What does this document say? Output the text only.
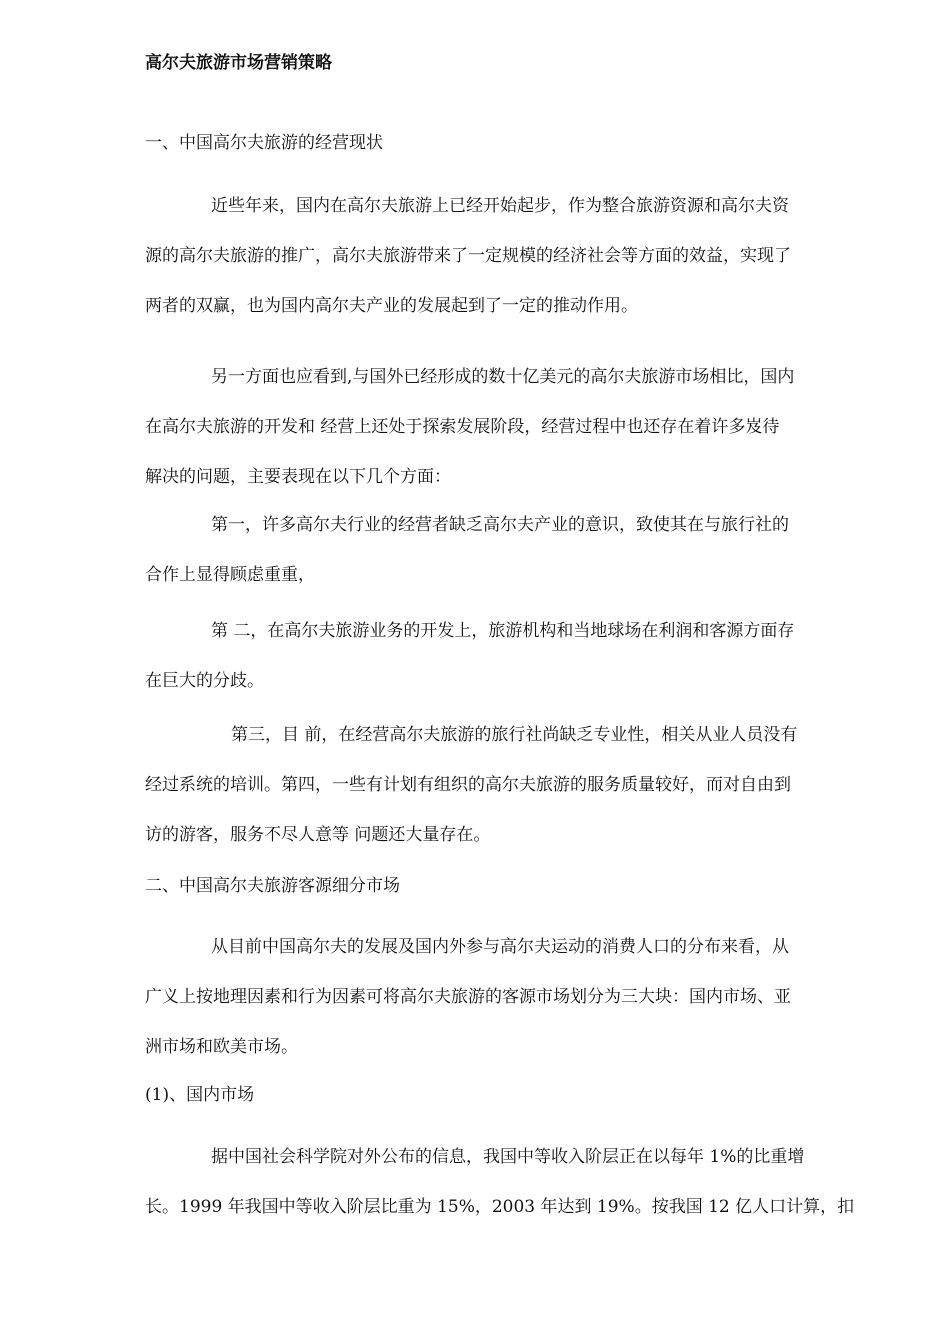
高尔夫旅游市场营销策略
一、中国高尔夫旅游的经营现状
近些年来，国内在高尔夫旅游上已经开始起步，作为整合旅游资源和高尔夫资
源的高尔夫旅游的推广，高尔夫旅游带来了一定规模的经济社会等方面的效益，实现了
两者的双赢，也为国内高尔夫产业的发展起到了一定的推动作用。
另一方面也应看到,与国外已经形成的数十亿美元的高尔夫旅游市场相比，国内
在高尔夫旅游的开发和 经营上还处于探索发展阶段，经营过程中也还存在着许多岌待
解决的问题，主要表现在以下几个方面：
第一，许多高尔夫行业的经营者缺乏高尔夫产业的意识，致使其在与旅行社的
合作上显得顾虑重重，
第 二，在高尔夫旅游业务的开发上，旅游机构和当地球场在利润和客源方面存
在巨大的分歧。
第三，目 前，在经营高尔夫旅游的旅行社尚缺乏专业性，相关从业人员没有
经过系统的培训。第四，一些有计划有组织的高尔夫旅游的服务质量较好，而对自由到
访的游客，服务不尽人意等 问题还大量存在。
二、中国高尔夫旅游客源细分市场
从目前中国高尔夫的发展及国内外参与高尔夫运动的消费人口的分布来看，从
广义上按地理因素和行为因素可将高尔夫旅游的客源市场划分为三大块：国内市场、亚
洲市场和欧美市场。
(1)、国内市场
据中国社会科学院对外公布的信息，我国中等收入阶层正在以每年 1%的比重增
长。1999 年我国中等收入阶层比重为 15%，2003 年达到 19%。按我国 12 亿人口计算，扣
